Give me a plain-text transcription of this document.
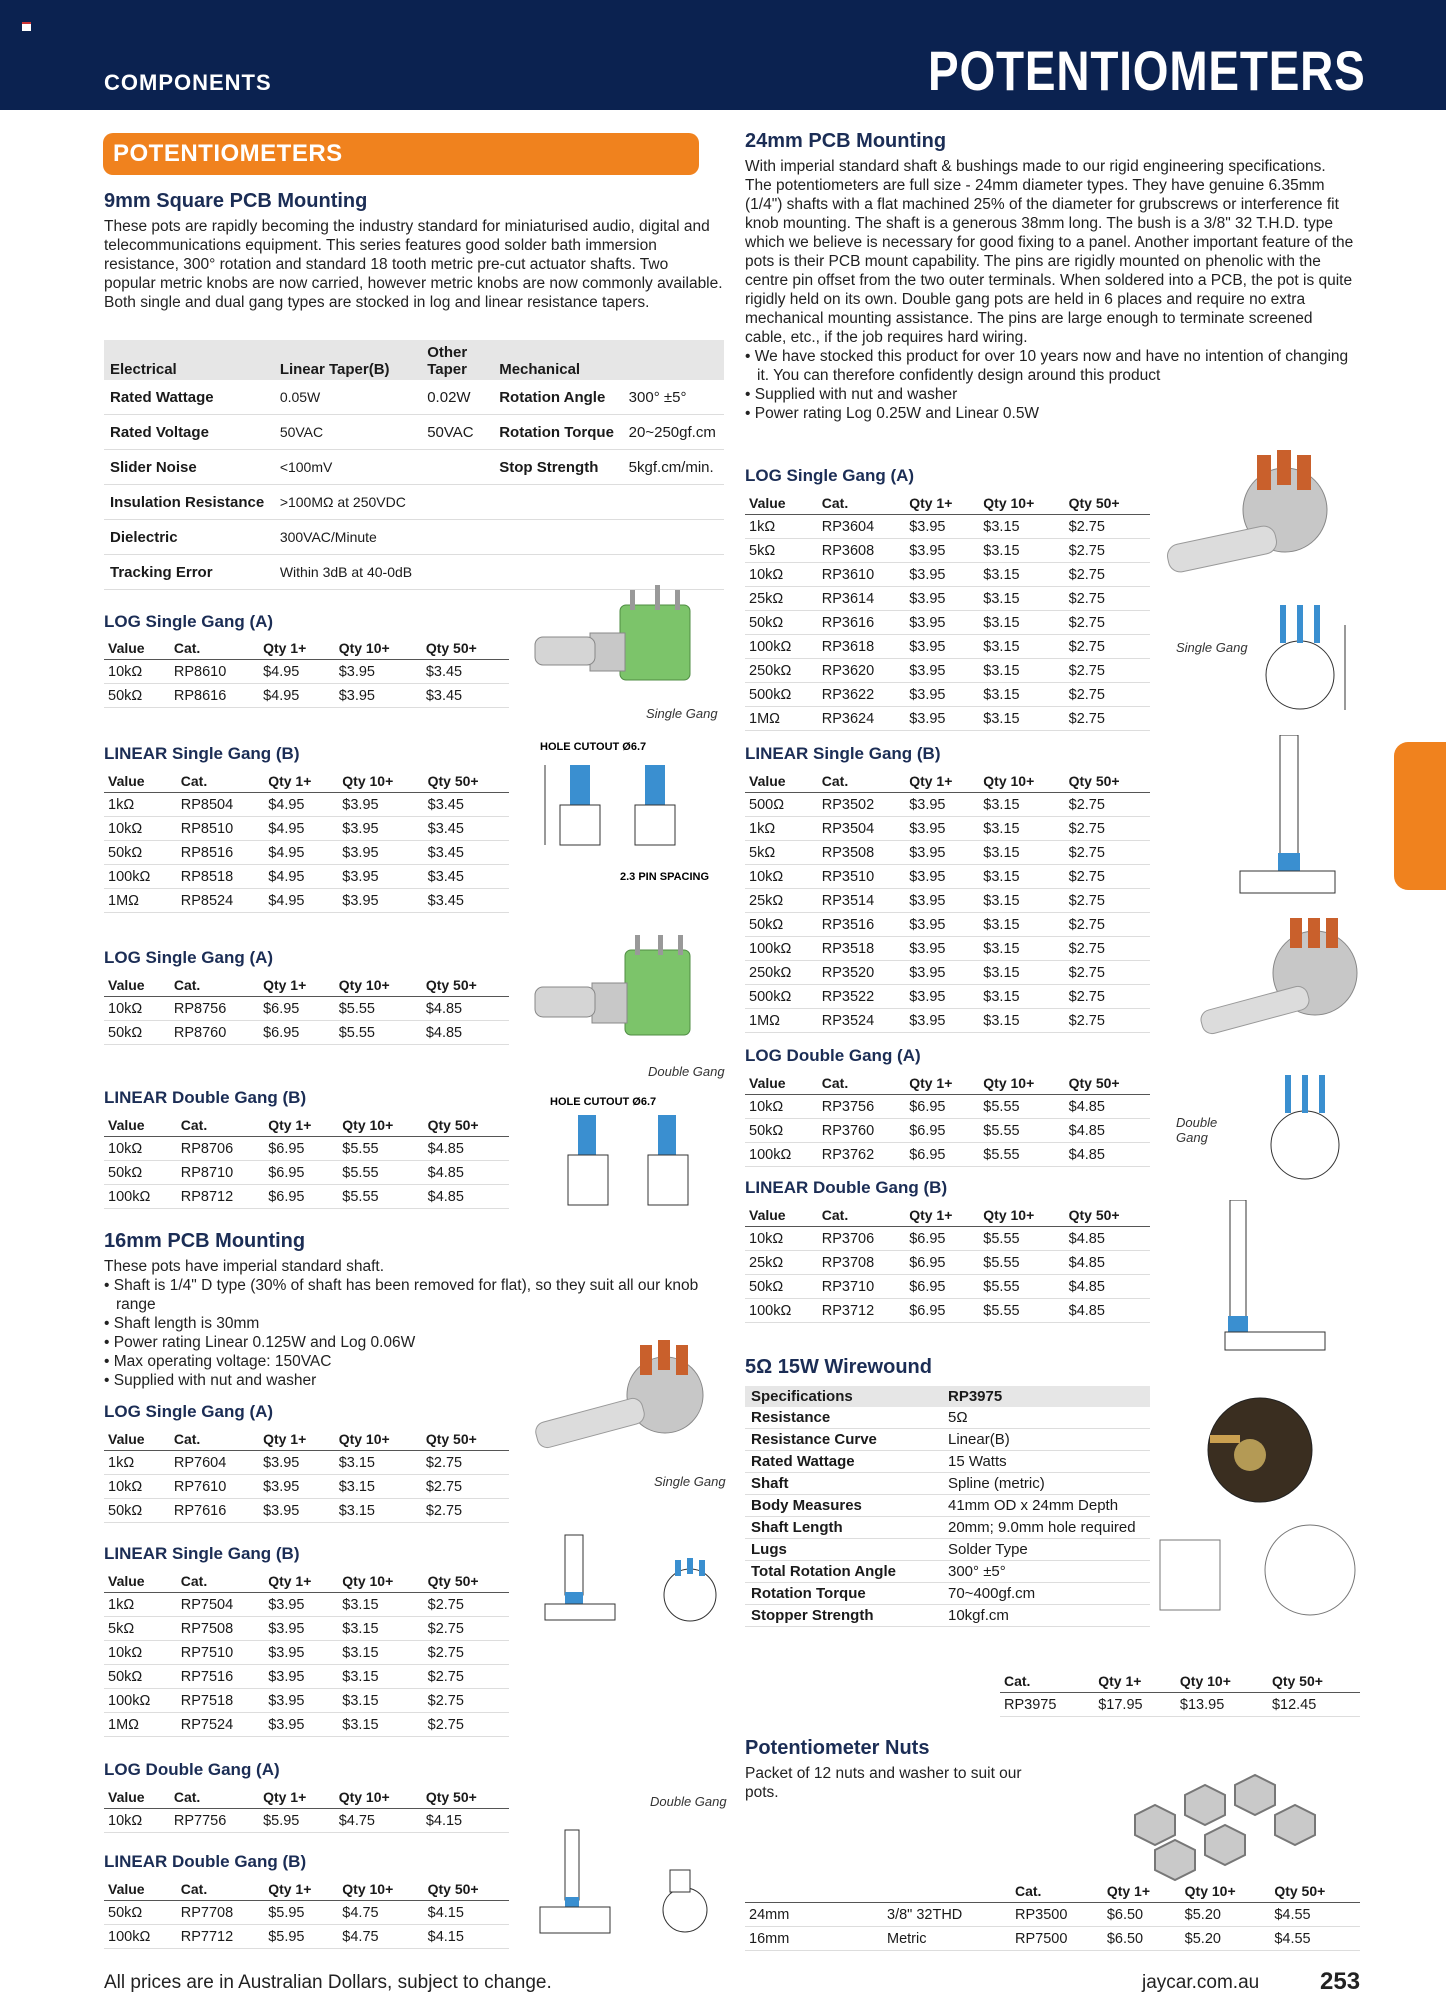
COMPONENTS	POTENTIOMETERS
POTENTIOMETERS
9mm Square PCB Mounting
These pots are rapidly becoming the industry standard for miniaturised audio, digital and telecommunications equipment. This series features good solder bath immersion resistance, 300° rotation and standard 18 tooth metric pre-cut actuator shafts. Two popular metric knobs are now carried, however metric knobs are now commonly available. Both single and dual gang types are stocked in log and linear resistance tapers.
Electrical	Linear Taper(B)	Other Taper	Mechanical	
Rated Wattage	0.05W	0.02W	Rotation Angle	300° ±5°
Rated Voltage	50VAC	50VAC	Rotation Torque	20~250gf.cm
Slider Noise	<100mV		Stop Strength	5kgf.cm/min.
Insulation Resistance	>100MΩ at 250VDC			
Dielectric	300VAC/Minute			
Tracking Error	Within 3dB at 40-0dB			
LOG Single Gang (A)
Value	Cat.	Qty 1+	Qty 10+	Qty 50+
10kΩ	RP8610	$4.95	$3.95	$3.45
50kΩ	RP8616	$4.95	$3.95	$3.45
LINEAR Single Gang (B)
Value	Cat.	Qty 1+	Qty 10+	Qty 50+
1kΩ	RP8504	$4.95	$3.95	$3.45
10kΩ	RP8510	$4.95	$3.95	$3.45
50kΩ	RP8516	$4.95	$3.95	$3.45
100kΩ	RP8518	$4.95	$3.95	$3.45
1MΩ	RP8524	$4.95	$3.95	$3.45
LOG Single Gang (A)
Value	Cat.	Qty 1+	Qty 10+	Qty 50+
10kΩ	RP8756	$6.95	$5.55	$4.85
50kΩ	RP8760	$6.95	$5.55	$4.85
LINEAR Double Gang (B)
Value	Cat.	Qty 1+	Qty 10+	Qty 50+
10kΩ	RP8706	$6.95	$5.55	$4.85
50kΩ	RP8710	$6.95	$5.55	$4.85
100kΩ	RP8712	$6.95	$5.55	$4.85
16mm PCB Mounting
These pots have imperial standard shaft.
• Shaft is 1/4" D type (30% of shaft has been removed for flat), so they suit all our knob range
• Shaft length is 30mm
• Power rating Linear 0.125W and Log 0.06W
• Max operating voltage: 150VAC
• Supplied with nut and washer
LOG Single Gang (A)
Value	Cat.	Qty 1+	Qty 10+	Qty 50+
1kΩ	RP7604	$3.95	$3.15	$2.75
10kΩ	RP7610	$3.95	$3.15	$2.75
50kΩ	RP7616	$3.95	$3.15	$2.75
LINEAR Single Gang (B)
Value	Cat.	Qty 1+	Qty 10+	Qty 50+
1kΩ	RP7504	$3.95	$3.15	$2.75
5kΩ	RP7508	$3.95	$3.15	$2.75
10kΩ	RP7510	$3.95	$3.15	$2.75
50kΩ	RP7516	$3.95	$3.15	$2.75
100kΩ	RP7518	$3.95	$3.15	$2.75
1MΩ	RP7524	$3.95	$3.15	$2.75
LOG Double Gang (A)
Value	Cat.	Qty 1+	Qty 10+	Qty 50+
10kΩ	RP7756	$5.95	$4.75	$4.15
LINEAR Double Gang (B)
Value	Cat.	Qty 1+	Qty 10+	Qty 50+
50kΩ	RP7708	$5.95	$4.75	$4.15
100kΩ	RP7712	$5.95	$4.75	$4.15
Single Gang
HOLE CUTOUT Ø6.7
2.3 PIN SPACING
Double Gang
HOLE CUTOUT Ø6.7
Single Gang
Double Gang
24mm PCB Mounting
With imperial standard shaft & bushings made to our rigid engineering specifications. The potentiometers are full size - 24mm diameter types. They have genuine 6.35mm (1/4") shafts with a flat machined 25% of the diameter for grubscrews or interference fit knob mounting. The shaft is a generous 38mm long. The bush is a 3/8" 32 T.H.D. type which we believe is necessary for good fixing to a panel. Another important feature of the pots is their PCB mount capability. The pins are rigidly mounted on phenolic with the centre pin offset from the two outer terminals. When soldered into a PCB, the pot is quite rigidly held on its own. Double gang pots are held in 6 places and require no extra mechanical mounting assistance. The pins are large enough to terminate screened cable, etc., if the job requires hard wiring.
• We have stocked this product for over 10 years now and have no intention of changing it. You can therefore confidently design around this product
• Supplied with nut and washer
• Power rating Log 0.25W and Linear 0.5W
LOG Single Gang (A)
Value	Cat.	Qty 1+	Qty 10+	Qty 50+
1kΩ	RP3604	$3.95	$3.15	$2.75
5kΩ	RP3608	$3.95	$3.15	$2.75
10kΩ	RP3610	$3.95	$3.15	$2.75
25kΩ	RP3614	$3.95	$3.15	$2.75
50kΩ	RP3616	$3.95	$3.15	$2.75
100kΩ	RP3618	$3.95	$3.15	$2.75
250kΩ	RP3620	$3.95	$3.15	$2.75
500kΩ	RP3622	$3.95	$3.15	$2.75
1MΩ	RP3624	$3.95	$3.15	$2.75
LINEAR Single Gang (B)
Value	Cat.	Qty 1+	Qty 10+	Qty 50+
500Ω	RP3502	$3.95	$3.15	$2.75
1kΩ	RP3504	$3.95	$3.15	$2.75
5kΩ	RP3508	$3.95	$3.15	$2.75
10kΩ	RP3510	$3.95	$3.15	$2.75
25kΩ	RP3514	$3.95	$3.15	$2.75
50kΩ	RP3516	$3.95	$3.15	$2.75
100kΩ	RP3518	$3.95	$3.15	$2.75
250kΩ	RP3520	$3.95	$3.15	$2.75
500kΩ	RP3522	$3.95	$3.15	$2.75
1MΩ	RP3524	$3.95	$3.15	$2.75
LOG Double Gang (A)
Value	Cat.	Qty 1+	Qty 10+	Qty 50+
10kΩ	RP3756	$6.95	$5.55	$4.85
50kΩ	RP3760	$6.95	$5.55	$4.85
100kΩ	RP3762	$6.95	$5.55	$4.85
LINEAR Double Gang (B)
Value	Cat.	Qty 1+	Qty 10+	Qty 50+
10kΩ	RP3706	$6.95	$5.55	$4.85
25kΩ	RP3708	$6.95	$5.55	$4.85
50kΩ	RP3710	$6.95	$5.55	$4.85
100kΩ	RP3712	$6.95	$5.55	$4.85
Single Gang
Double Gang
5Ω 15W Wirewound
Specifications	RP3975
Resistance	5Ω
Resistance Curve	Linear(B)
Rated Wattage	15 Watts
Shaft	Spline (metric)
Body Measures	41mm OD x 24mm Depth
Shaft Length	20mm; 9.0mm hole required
Lugs	Solder Type
Total Rotation Angle	300° ±5°
Rotation Torque	70~400gf.cm
Stopper Strength	10kgf.cm
Cat.	Qty 1+	Qty 10+	Qty 50+
RP3975	$17.95	$13.95	$12.45
Potentiometer Nuts
Packet of 12 nuts and washer to suit our pots.
		Cat.	Qty 1+	Qty 10+	Qty 50+
24mm	3/8" 32THD	RP3500	$6.50	$5.20	$4.55
16mm	Metric	RP7500	$6.50	$5.20	$4.55
All prices are in Australian Dollars, subject to change.	jaycar.com.au	253
